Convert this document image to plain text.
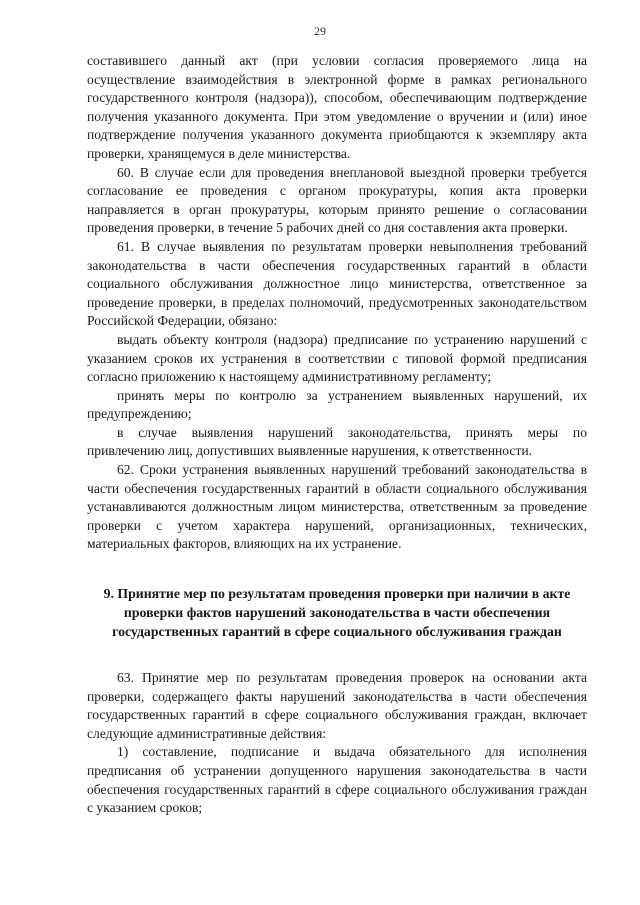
29

составившего данный акт (при условии согласия проверяемого лица на осуществление взаимодействия в электронной форме в рамках регионального государственного контроля (надзора)), способом, обеспечивающим подтверждение получения указанного документа. При этом уведомление о вручении и (или) иное подтверждение получения указанного документа приобщаются к экземпляру акта проверки, хранящемуся в деле министерства.

60. В случае если для проведения внеплановой выездной проверки требуется согласование ее проведения с органом прокуратуры, копия акта проверки направляется в орган прокуратуры, которым принято решение о согласовании проведения проверки, в течение 5 рабочих дней со дня составления акта проверки.

61. В случае выявления по результатам проверки невыполнения требований законодательства в части обеспечения государственных гарантий в области социального обслуживания должностное лицо министерства, ответственное за проведение проверки, в пределах полномочий, предусмотренных законодательством Российской Федерации, обязано:

выдать объекту контроля (надзора) предписание по устранению нарушений с указанием сроков их устранения в соответствии с типовой формой предписания согласно приложению к настоящему административному регламенту;

принять меры по контролю за устранением выявленных нарушений, их предупреждению;

в случае выявления нарушений законодательства, принять меры по привлечению лиц, допустивших выявленные нарушения, к ответственности.

62. Сроки устранения выявленных нарушений требований законодательства в части обеспечения государственных гарантий в области социального обслуживания устанавливаются должностным лицом министерства, ответственным за проведение проверки с учетом характера нарушений, организационных, технических, материальных факторов, влияющих на их устранение.

9. Принятие мер по результатам проведения проверки при наличии в акте проверки фактов нарушений законодательства в части обеспечения государственных гарантий в сфере социального обслуживания граждан

63. Принятие мер по результатам проведения проверок на основании акта проверки, содержащего факты нарушений законодательства в части обеспечения государственных гарантий в сфере социального обслуживания граждан, включает следующие административные действия:

1) составление, подписание и выдача обязательного для исполнения предписания об устранении допущенного нарушения законодательства в части обеспечения государственных гарантий в сфере социального обслуживания граждан с указанием сроков;
